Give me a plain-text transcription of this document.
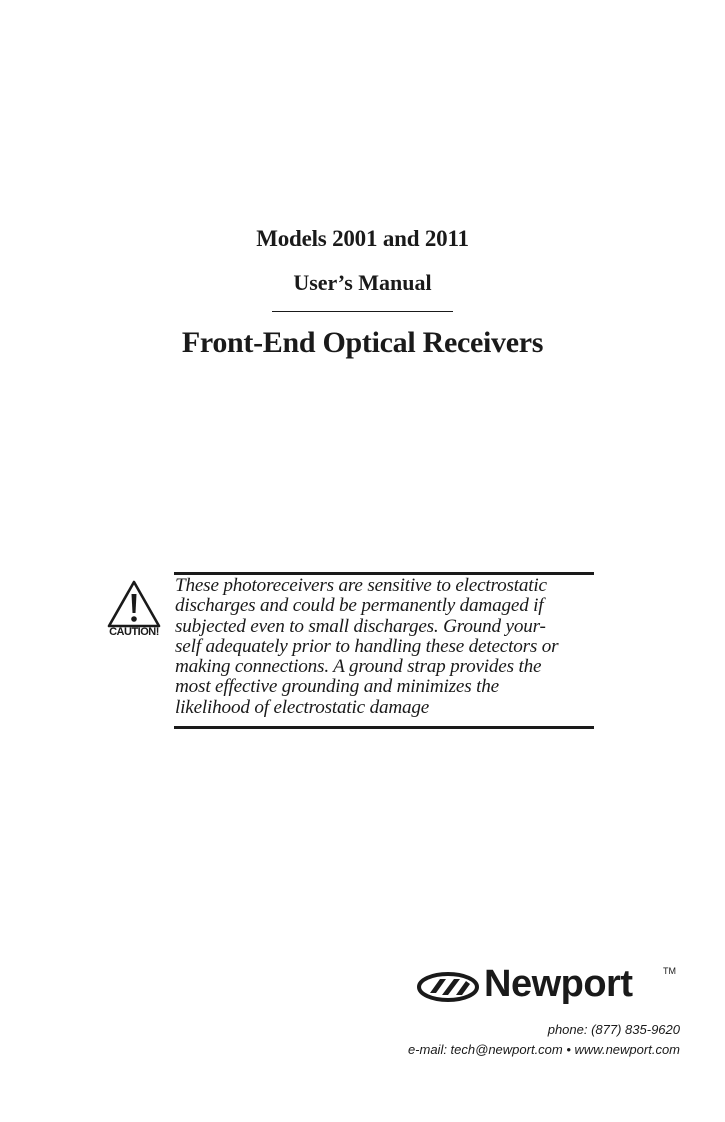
Models 2001 and 2011
User’s Manual
Front-End Optical Receivers
CAUTION!
These photoreceivers are sensitive to electrostatic
discharges and could be permanently damaged if
subjected even to small discharges. Ground your-
self adequately prior to handling these detectors or
making connections. A ground strap provides the
most effective grounding and minimizes the
likelihood of electrostatic damage
Newport	TM
phone: (877) 835-9620
e-mail: tech@newport.com • www.newport.com
